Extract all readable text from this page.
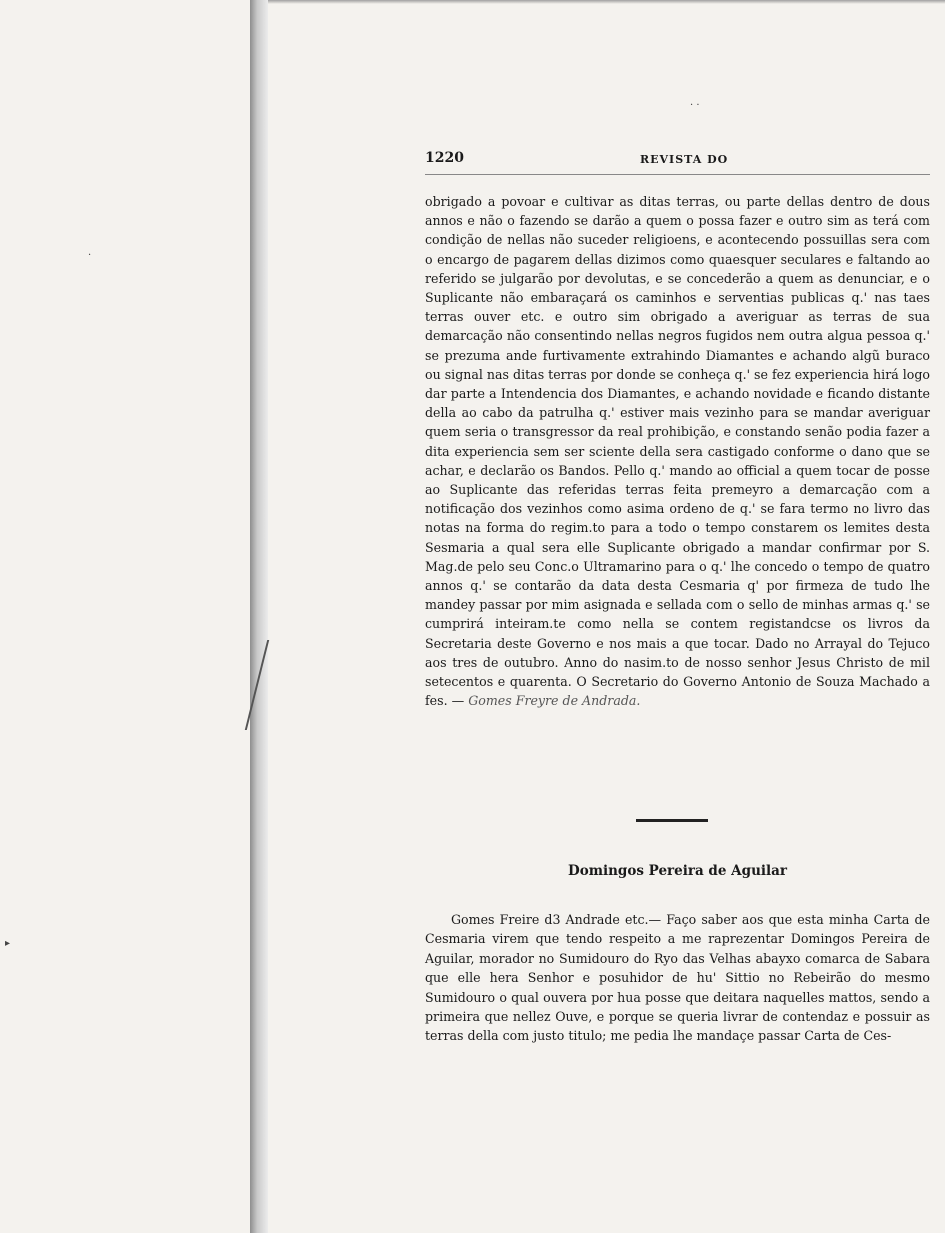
· ·
·
▸
1220	REVISTA DO

obrigado a povoar e cultivar as ditas terras, ou parte dellas dentro de dous annos e não o fazendo se darão a quem o possa fazer e outro sim as terá com condição de nellas não suceder religioens, e acontecendo possuillas sera com o encargo de pagarem dellas dizimos como quaesquer seculares e faltando ao referido se julgarão por devolutas, e se concederão a quem as denunciar, e o Suplicante não embaraçará os caminhos e serventias publicas q.' nas taes terras ouver etc. e outro sim obrigado a averiguar as terras de sua demarcação não consentindo nellas negros fugidos nem outra algua pessoa q.' se prezuma ande furtivamente extrahindo Diamantes e achando algũ buraco ou signal nas ditas terras por donde se conheça q.' se fez experiencia hirá logo dar parte a Intendencia dos Diamantes, e achando novidade e ficando distante della ao cabo da patrulha q.' estiver mais vezinho para se mandar averiguar quem seria o transgressor da real prohibição, e constando senão podia fazer a dita experiencia sem ser sciente della sera castigado conforme o dano que se achar, e declarão os Bandos. Pello q.' mando ao official a quem tocar de posse ao Suplicante das referidas terras feita premeyro a demarcação com a notificação dos vezinhos como asima ordeno de q.' se fara termo no livro das notas na forma do regim.to para a todo o tempo constarem os lemites desta Sesmaria a qual sera elle Suplicante obrigado a mandar confirmar por S. Mag.de pelo seu Conc.o Ultramarino para o q.' lhe concedo o tempo de quatro annos q.' se contarão da data desta Cesmaria q' por firmeza de tudo lhe mandey passar por mim asignada e sellada com o sello de minhas armas q.' se cumprirá inteiram.te como nella se contem registandcse os livros da Secretaria deste Governo e nos mais a que tocar. Dado no Arrayal do Tejuco aos tres de outubro. Anno do nasim.to de nosso senhor Jesus Christo de mil setecentos e quarenta. O Secretario do Governo Antonio de Souza Machado a fes. — Gomes Freyre de Andrada.

Domingos Pereira de Aguilar

Gomes Freire d3 Andrade etc.— Faço saber aos que esta minha Carta de Cesmaria virem que tendo respeito a me raprezentar Domingos Pereira de Aguilar, morador no Sumidouro do Ryo das Velhas abayxo comarca de Sabara que elle hera Senhor e posuhidor de hu' Sittio no Rebeirão do mesmo Sumidouro o qual ouvera por hua posse que deitara naquelles mattos, sendo a primeira que nellez Ouve, e porque se queria livrar de contendaz e possuir as terras della com justo titulo; me pedia lhe mandaçe passar Carta de Ces-
